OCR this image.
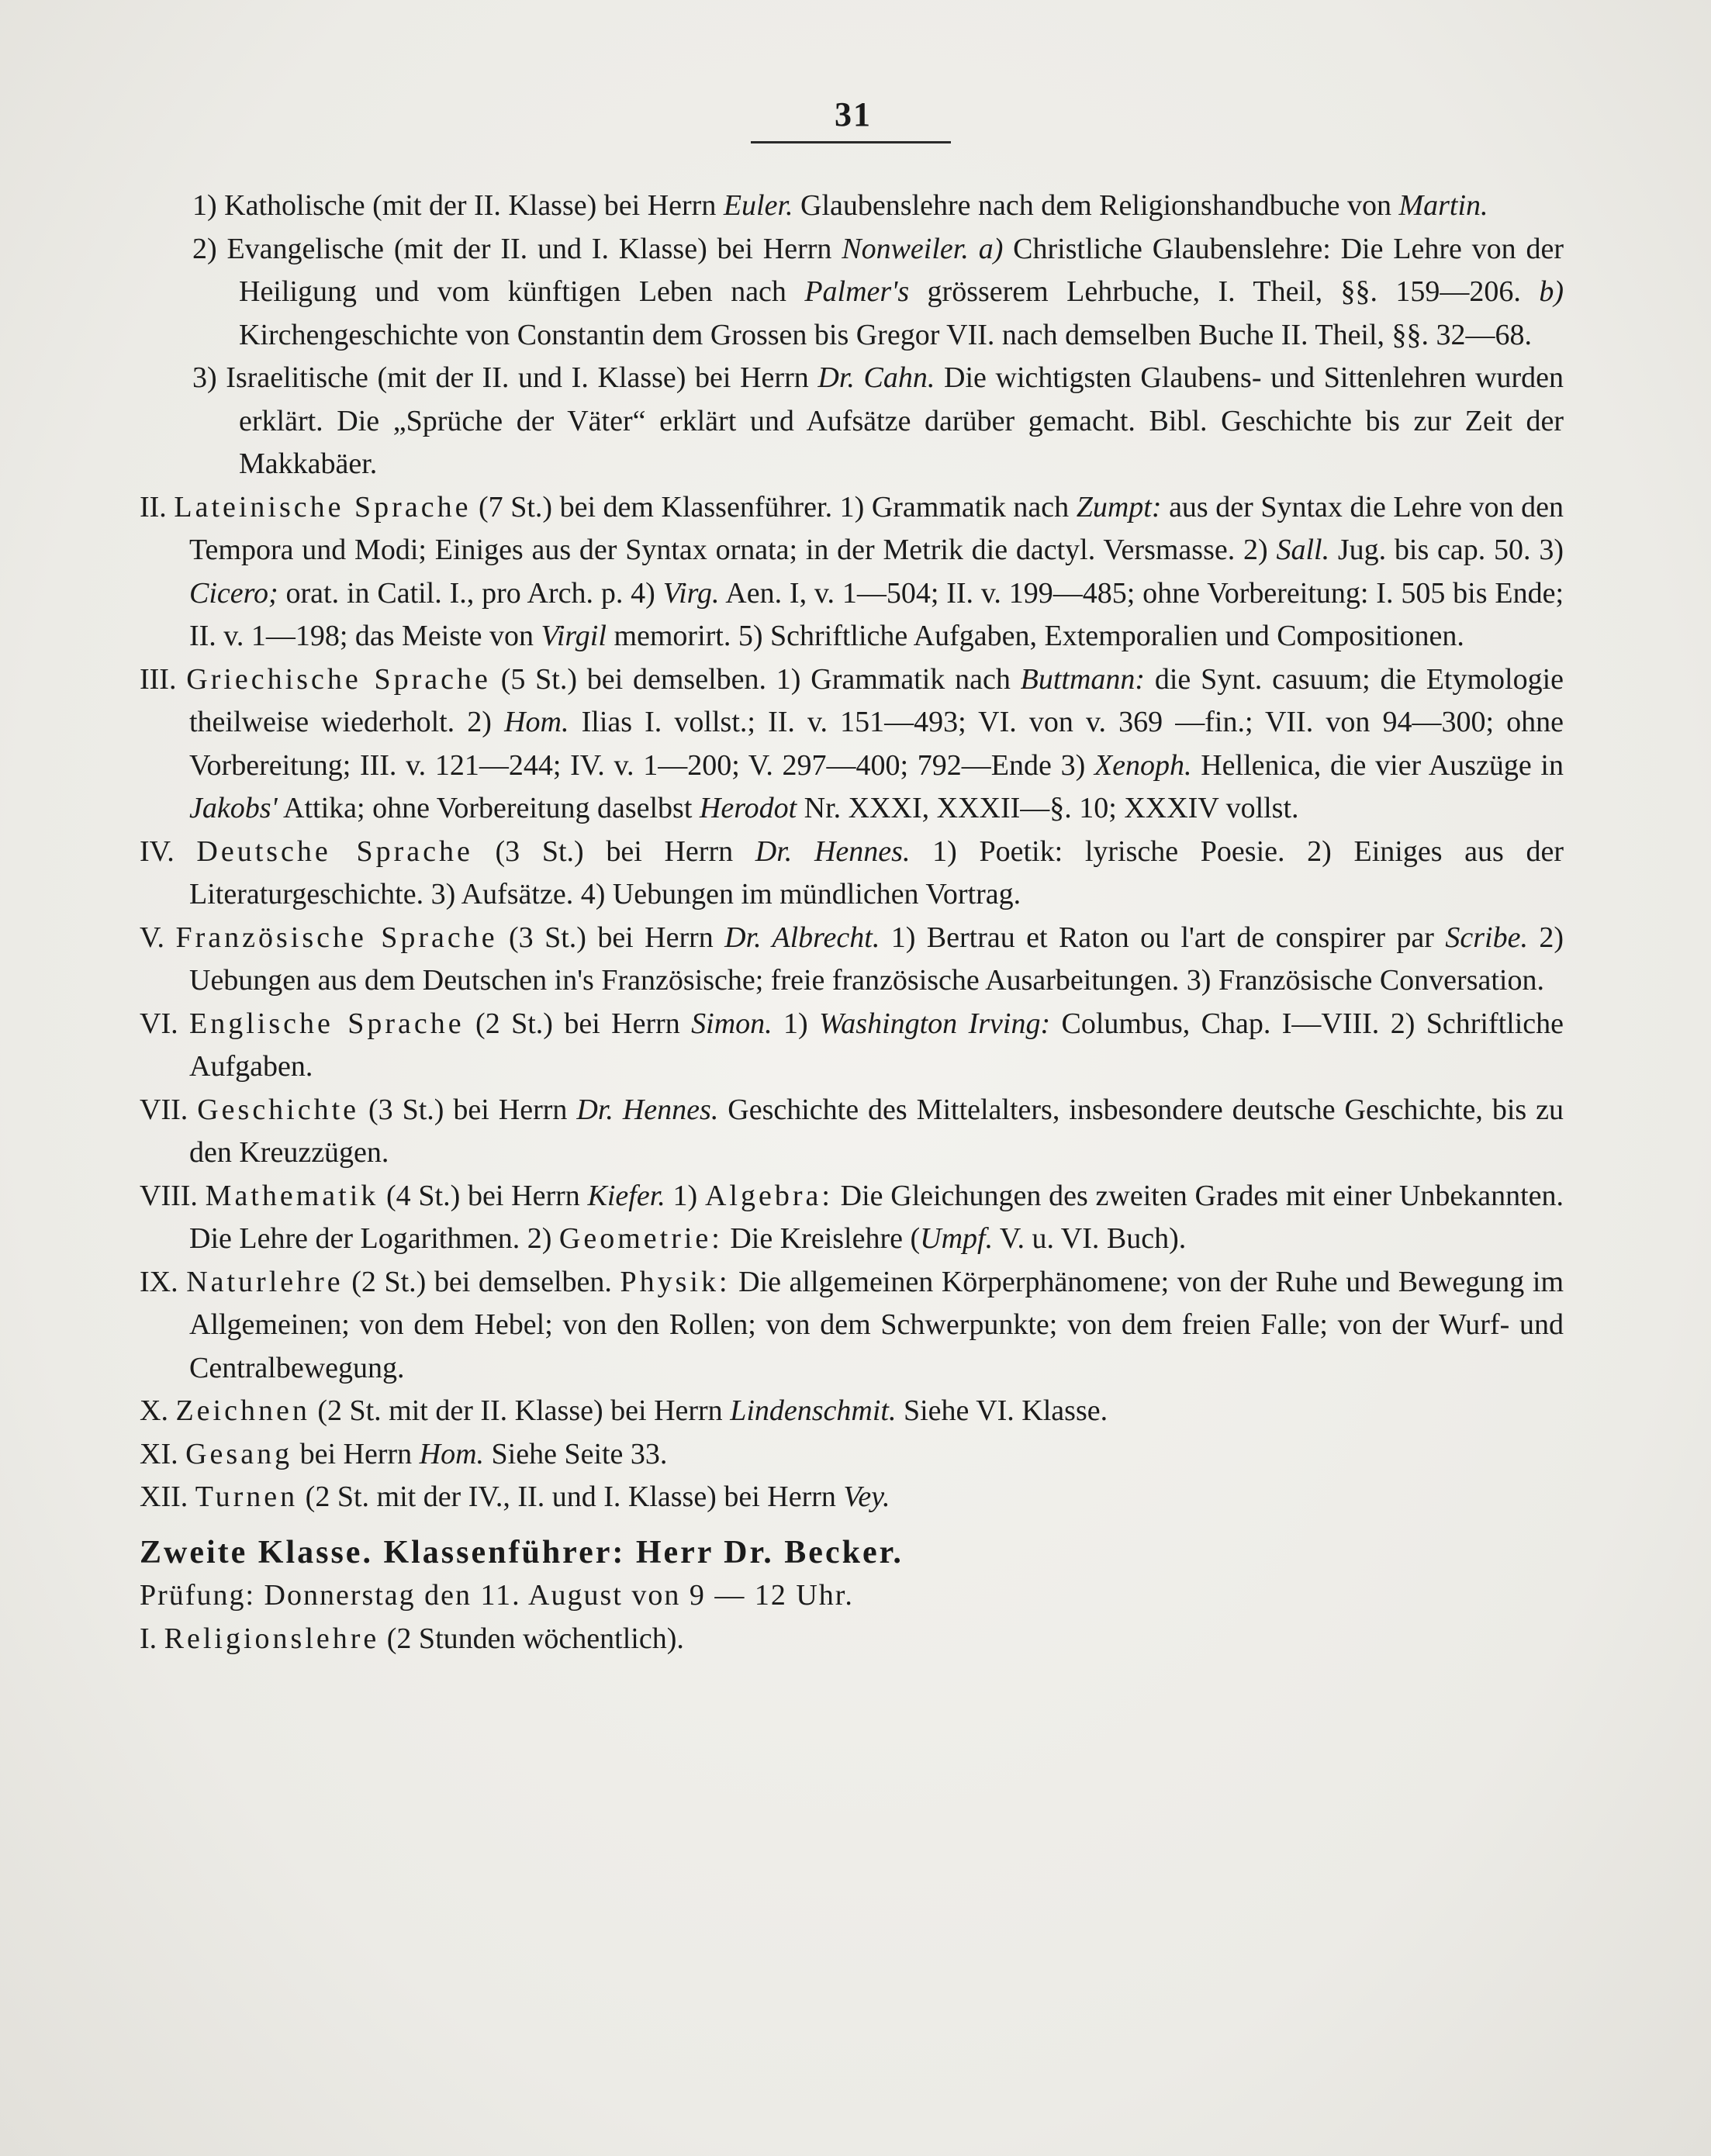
31
1) Katholische (mit der II. Klasse) bei Herrn Euler. Glaubenslehre nach dem Religionshandbuche von Martin.
2) Evangelische (mit der II. und I. Klasse) bei Herrn Nonweiler. a) Christliche Glaubenslehre: Die Lehre von der Heiligung und vom künftigen Leben nach Palmer's grösserem Lehrbuche, I. Theil, §§. 159—206. b) Kirchengeschichte von Constantin dem Grossen bis Gregor VII. nach demselben Buche II. Theil, §§. 32—68.
3) Israelitische (mit der II. und I. Klasse) bei Herrn Dr. Cahn. Die wichtigsten Glaubens- und Sittenlehren wurden erklärt. Die „Sprüche der Väter“ erklärt und Aufsätze darüber gemacht. Bibl. Geschichte bis zur Zeit der Makkabäer.
II. Lateinische Sprache (7 St.) bei dem Klassenführer. 1) Grammatik nach Zumpt: aus der Syntax die Lehre von den Tempora und Modi; Einiges aus der Syntax ornata; in der Metrik die dactyl. Versmasse. 2) Sall. Jug. bis cap. 50. 3) Cicero; orat. in Catil. I., pro Arch. p. 4) Virg. Aen. I, v. 1—504; II. v. 199—485; ohne Vorbereitung: I. 505 bis Ende; II. v. 1—198; das Meiste von Virgil memorirt. 5) Schriftliche Aufgaben, Extemporalien und Compositionen.
III. Griechische Sprache (5 St.) bei demselben. 1) Grammatik nach Buttmann: die Synt. casuum; die Etymologie theilweise wiederholt. 2) Hom. Ilias I. vollst.; II. v. 151—493; VI. von v. 369 —fin.; VII. von 94—300; ohne Vorbereitung; III. v. 121—244; IV. v. 1—200; V. 297—400; 792—Ende 3) Xenoph. Hellenica, die vier Auszüge in Jakobs' Attika; ohne Vorbereitung daselbst Herodot Nr. XXXI, XXXII—§. 10; XXXIV vollst.
IV. Deutsche Sprache (3 St.) bei Herrn Dr. Hennes. 1) Poetik: lyrische Poesie. 2) Einiges aus der Literaturgeschichte. 3) Aufsätze. 4) Uebungen im mündlichen Vortrag.
V. Französische Sprache (3 St.) bei Herrn Dr. Albrecht. 1) Bertrau et Raton ou l'art de conspirer par Scribe. 2) Uebungen aus dem Deutschen in's Französische; freie französische Ausarbeitungen. 3) Französische Conversation.
VI. Englische Sprache (2 St.) bei Herrn Simon. 1) Washington Irving: Columbus, Chap. I—VIII. 2) Schriftliche Aufgaben.
VII. Geschichte (3 St.) bei Herrn Dr. Hennes. Geschichte des Mittelalters, insbesondere deutsche Geschichte, bis zu den Kreuzzügen.
VIII. Mathematik (4 St.) bei Herrn Kiefer. 1) Algebra: Die Gleichungen des zweiten Grades mit einer Unbekannten. Die Lehre der Logarithmen. 2) Geometrie: Die Kreislehre (Umpf. V. u. VI. Buch).
IX. Naturlehre (2 St.) bei demselben. Physik: Die allgemeinen Körperphänomene; von der Ruhe und Bewegung im Allgemeinen; von dem Hebel; von den Rollen; von dem Schwerpunkte; von dem freien Falle; von der Wurf- und Centralbewegung.
X. Zeichnen (2 St. mit der II. Klasse) bei Herrn Lindenschmit. Siehe VI. Klasse.
XI. Gesang bei Herrn Hom. Siehe Seite 33.
XII. Turnen (2 St. mit der IV., II. und I. Klasse) bei Herrn Vey.
Zweite Klasse. Klassenführer: Herr Dr. Becker.
Prüfung: Donnerstag den 11. August von 9 — 12 Uhr.
I. Religionslehre (2 Stunden wöchentlich).
